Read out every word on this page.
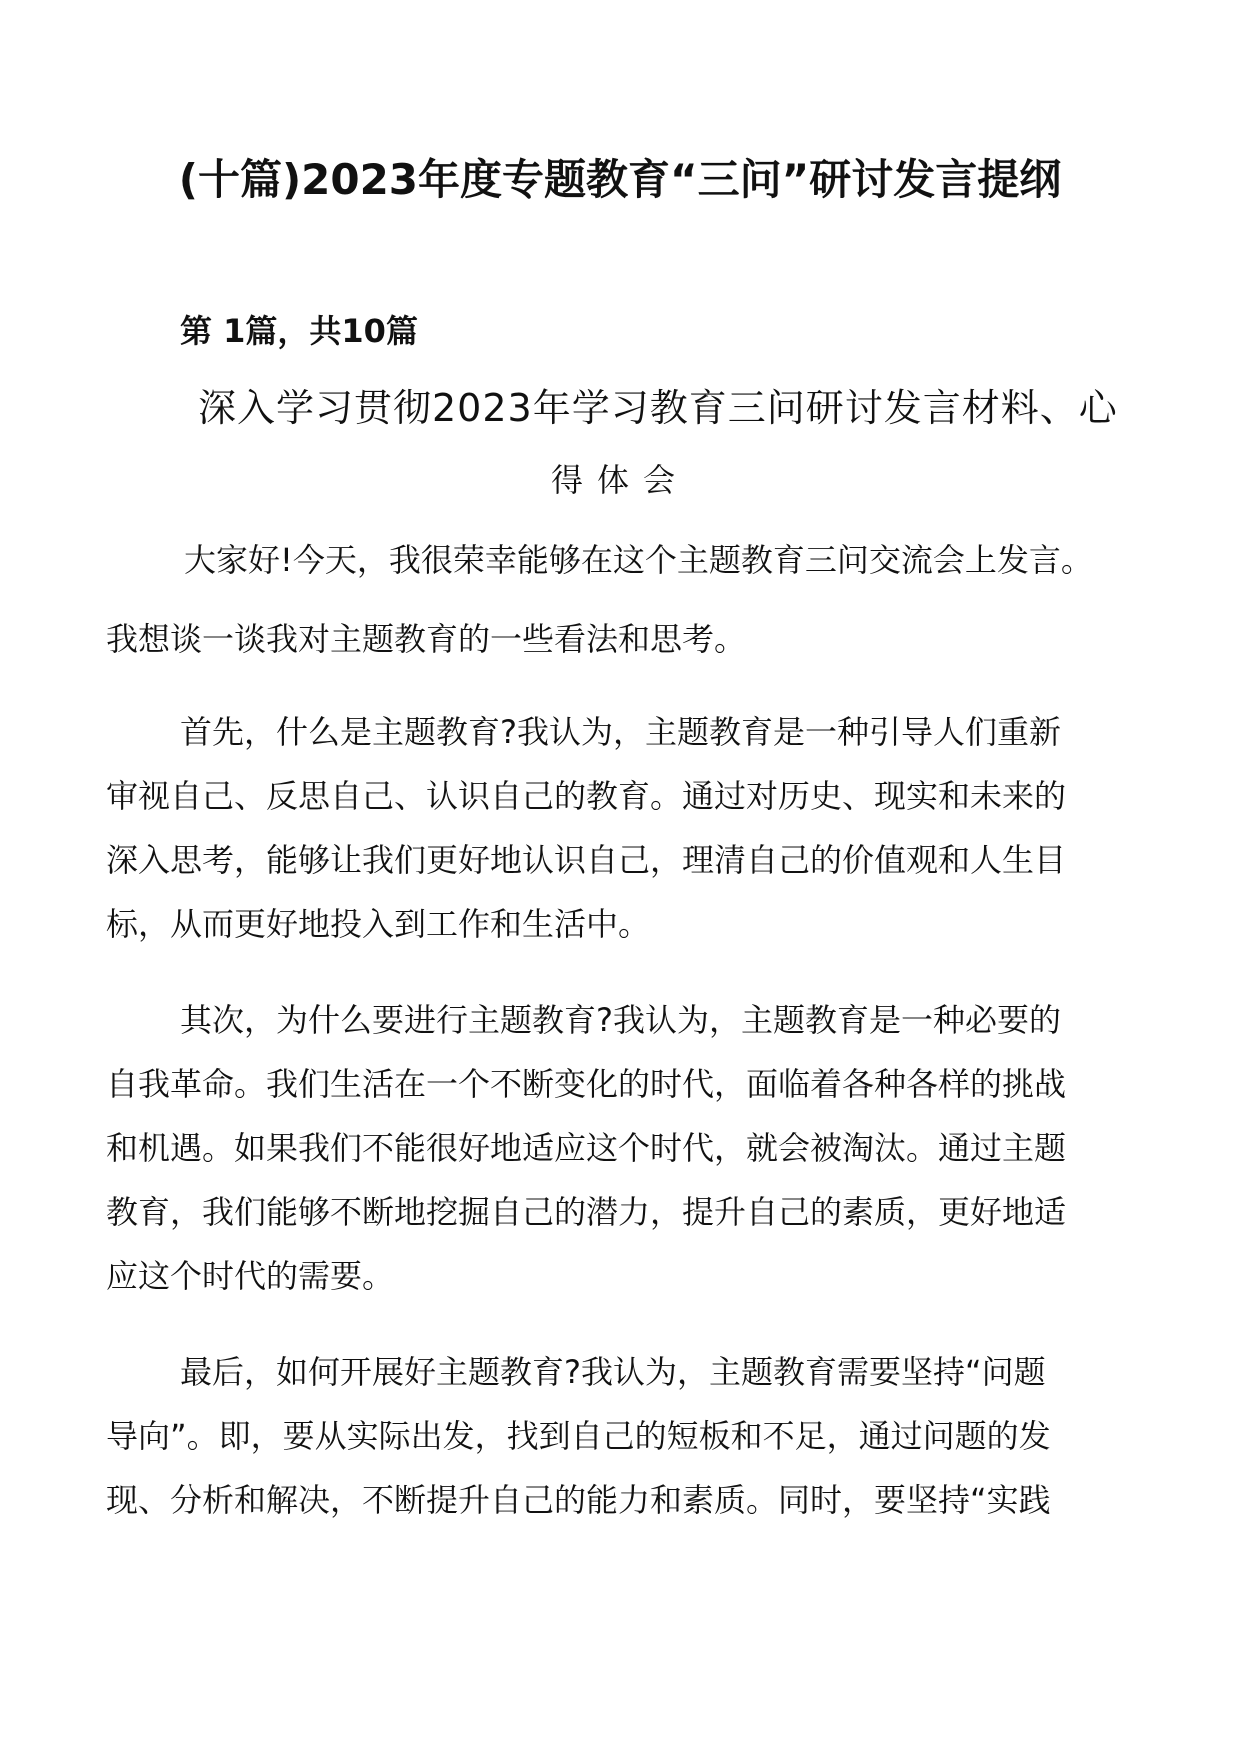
(十篇)2023年度专题教育“三问”研讨发言提纲
第 1篇，共10篇
深入学习贯彻2023年学习教育三问研讨发言材料、心
得体会
大家好!今天，我很荣幸能够在这个主题教育三问交流会上发言。
我想谈一谈我对主题教育的一些看法和思考。
首先，什么是主题教育?我认为，主题教育是一种引导人们重新
审视自己、反思自己、认识自己的教育。通过对历史、现实和未来的
深入思考，能够让我们更好地认识自己，理清自己的价值观和人生目
标，从而更好地投入到工作和生活中。
其次，为什么要进行主题教育?我认为，主题教育是一种必要的
自我革命。我们生活在一个不断变化的时代，面临着各种各样的挑战
和机遇。如果我们不能很好地适应这个时代，就会被淘汰。通过主题
教育，我们能够不断地挖掘自己的潜力，提升自己的素质，更好地适
应这个时代的需要。
最后，如何开展好主题教育?我认为，主题教育需要坚持“问题
导向”。即，要从实际出发，找到自己的短板和不足，通过问题的发
现、分析和解决，不断提升自己的能力和素质。同时，要坚持“实践
